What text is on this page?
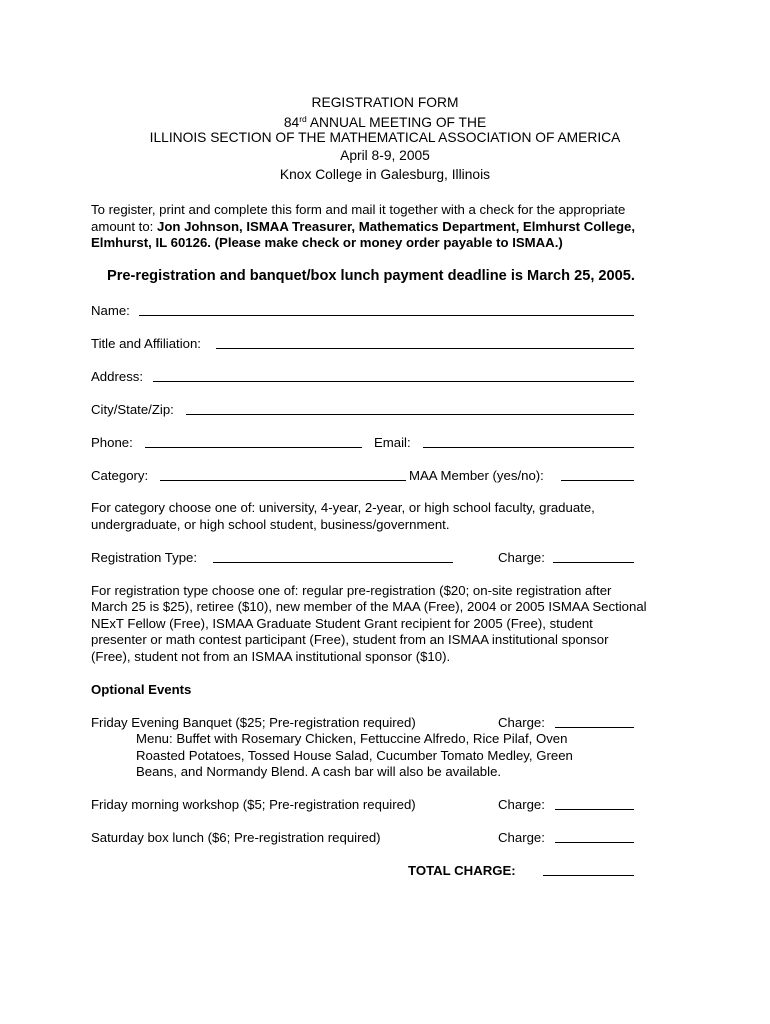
REGISTRATION FORM
84rd ANNUAL MEETING OF THE
ILLINOIS SECTION OF THE MATHEMATICAL ASSOCIATION OF AMERICA
April 8-9, 2005
Knox College in Galesburg, Illinois
To register, print and complete this form and mail it together with a check for the appropriate
amount to: Jon Johnson, ISMAA Treasurer, Mathematics Department, Elmhurst College,
Elmhurst, IL 60126. (Please make check or money order payable to ISMAA.)
Pre-registration and banquet/box lunch payment deadline is March 25, 2005.
Name:
Title and Affiliation:
Address:
City/State/Zip:
Phone:	Email:
Category:	MAA Member (yes/no):
For category choose one of: university, 4-year, 2-year, or high school faculty, graduate,
undergraduate, or high school student, business/government.
Registration Type:	Charge:
For registration type choose one of: regular pre-registration ($20; on-site registration after
March 25 is $25), retiree ($10), new member of the MAA (Free), 2004 or 2005 ISMAA Sectional
NExT Fellow (Free), ISMAA Graduate Student Grant recipient for 2005 (Free), student
presenter or math contest participant (Free), student from an ISMAA institutional sponsor
(Free), student not from an ISMAA institutional sponsor ($10).
Optional Events
Friday Evening Banquet ($25; Pre-registration required)	Charge:
Menu: Buffet with Rosemary Chicken, Fettuccine Alfredo, Rice Pilaf, Oven
Roasted Potatoes, Tossed House Salad, Cucumber Tomato Medley, Green
Beans, and Normandy Blend. A cash bar will also be available.
Friday morning workshop ($5; Pre-registration required)	Charge:
Saturday box lunch ($6; Pre-registration required)	Charge:
TOTAL CHARGE:
